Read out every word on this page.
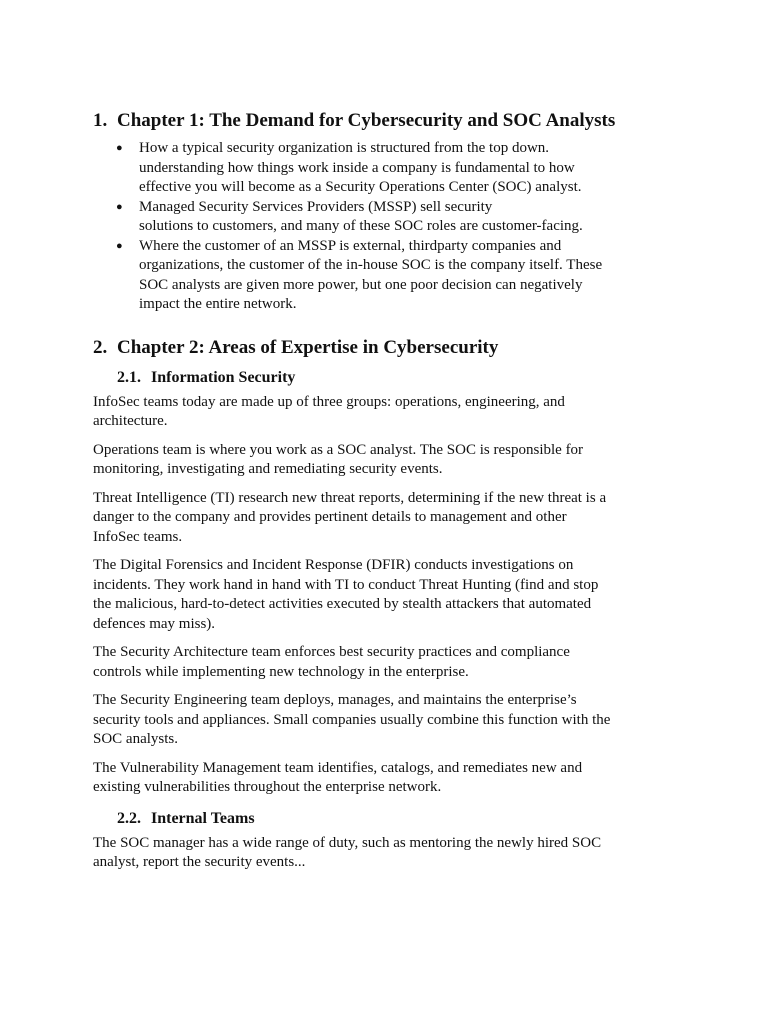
1. Chapter 1: The Demand for Cybersecurity and SOC Analysts
● How a typical security organization is structured from the top down.
understanding how things work inside a company is fundamental to how
effective you will become as a Security Operations Center (SOC) analyst.
● Managed Security Services Providers (MSSP) sell security
solutions to customers, and many of these SOC roles are customer-facing.
● Where the customer of an MSSP is external, thirdparty companies and
organizations, the customer of the in-house SOC is the company itself. These
SOC analysts are given more power, but one poor decision can negatively
impact the entire network.
2. Chapter 2: Areas of Expertise in Cybersecurity
2.1. Information Security

InfoSec teams today are made up of three groups: operations, engineering, and
architecture.

Operations team is where you work as a SOC analyst. The SOC is responsible for
monitoring, investigating and remediating security events.

Threat Intelligence (TI) research new threat reports, determining if the new threat is a
danger to the company and provides pertinent details to management and other
InfoSec teams.

The Digital Forensics and Incident Response (DFIR) conducts investigations on
incidents. They work hand in hand with TI to conduct Threat Hunting (find and stop
the malicious, hard-to-detect activities executed by stealth attackers that automated
defences may miss).

The Security Architecture team enforces best security practices and compliance
controls while implementing new technology in the enterprise.

The Security Engineering team deploys, manages, and maintains the enterprise’s
security tools and appliances. Small companies usually combine this function with the
SOC analysts.

The Vulnerability Management team identifies, catalogs, and remediates new and
existing vulnerabilities throughout the enterprise network.

2.2. Internal Teams

The SOC manager has a wide range of duty, such as mentoring the newly hired SOC
analyst, report the security events...
